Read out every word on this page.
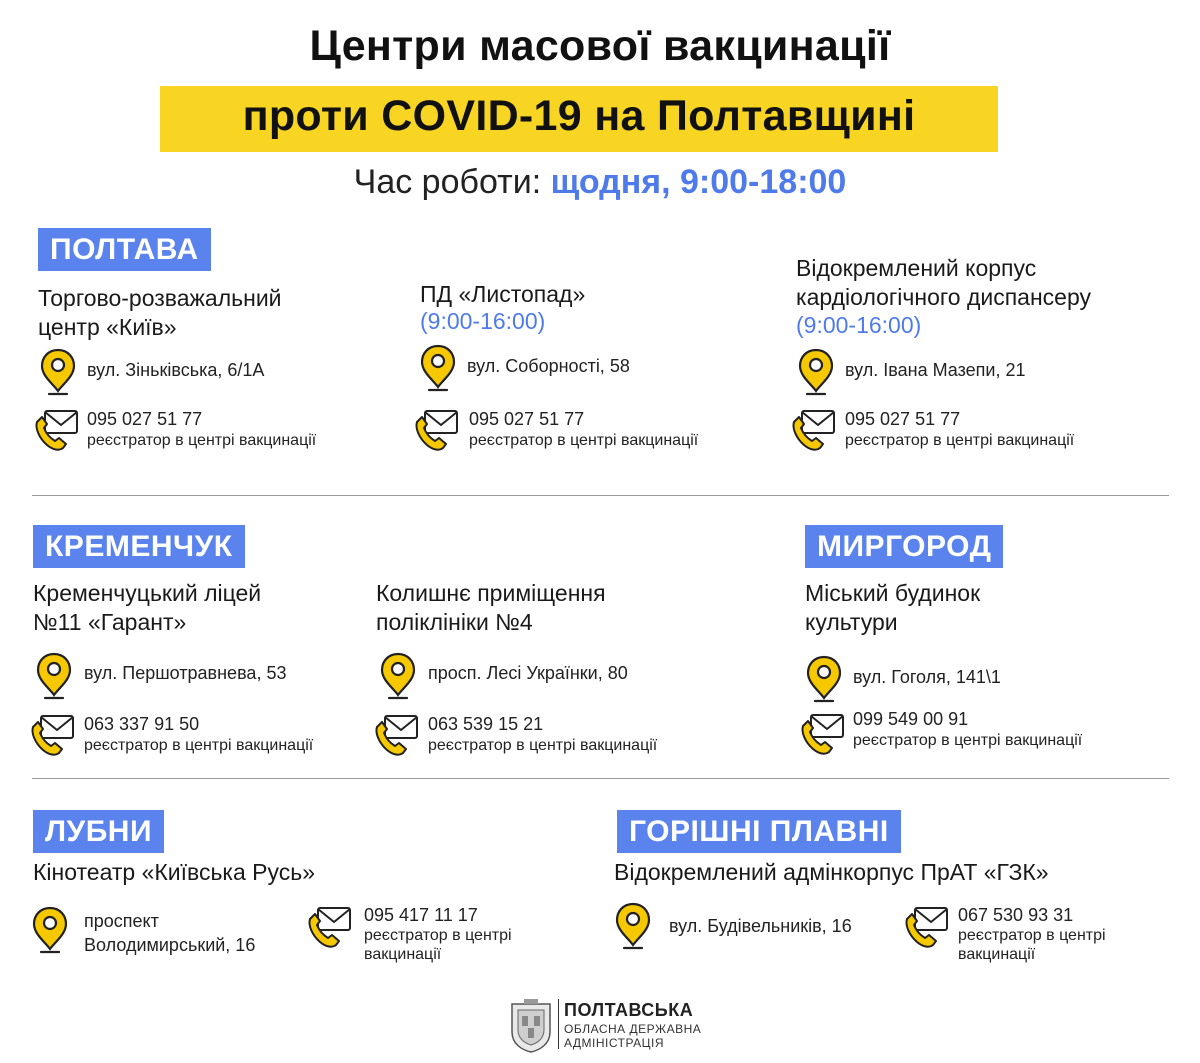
Центри масової вакцинації
проти COVID-19 на Полтавщині
Час роботи: щодня, 9:00-18:00
ПОЛТАВА
Торгово-розважальний
центр «Київ»
вул. Зіньківська, 6/1А
095 027 51 77
реєстратор в центрі вакцинації
ПД «Листопад»
(9:00-16:00)
вул. Соборності, 58
095 027 51 77
реєстратор в центрі вакцинації
Відокремлений корпус
кардіологічного диспансеру
(9:00-16:00)
вул. Івана Мазепи, 21
095 027 51 77
реєстратор в центрі вакцинації
КРЕМЕНЧУК
Кременчуцький ліцей
№11 «Гарант»
вул. Першотравнева, 53
063 337 91 50
реєстратор в центрі вакцинації
Колишнє приміщення
поліклініки №4
просп. Лесі Українки, 80
063 539 15 21
реєстратор в центрі вакцинації
МИРГОРОД
Міський будинок
культури
вул. Гоголя, 141\1
099 549 00 91
реєстратор в центрі вакцинації
ЛУБНИ
Кінотеатр «Київська Русь»
проспект
Володимирський, 16
095 417 11 17
реєстратор в центрі
вакцинації
ГОРІШНІ ПЛАВНІ
Відокремлений адмінкорпус ПрАТ «ГЗК»
вул. Будівельників, 16
067 530 93 31
реєстратор в центрі
вакцинації
ПОЛТАВСЬКА
ОБЛАСНА ДЕРЖАВНА
АДМІНІСТРАЦІЯ
